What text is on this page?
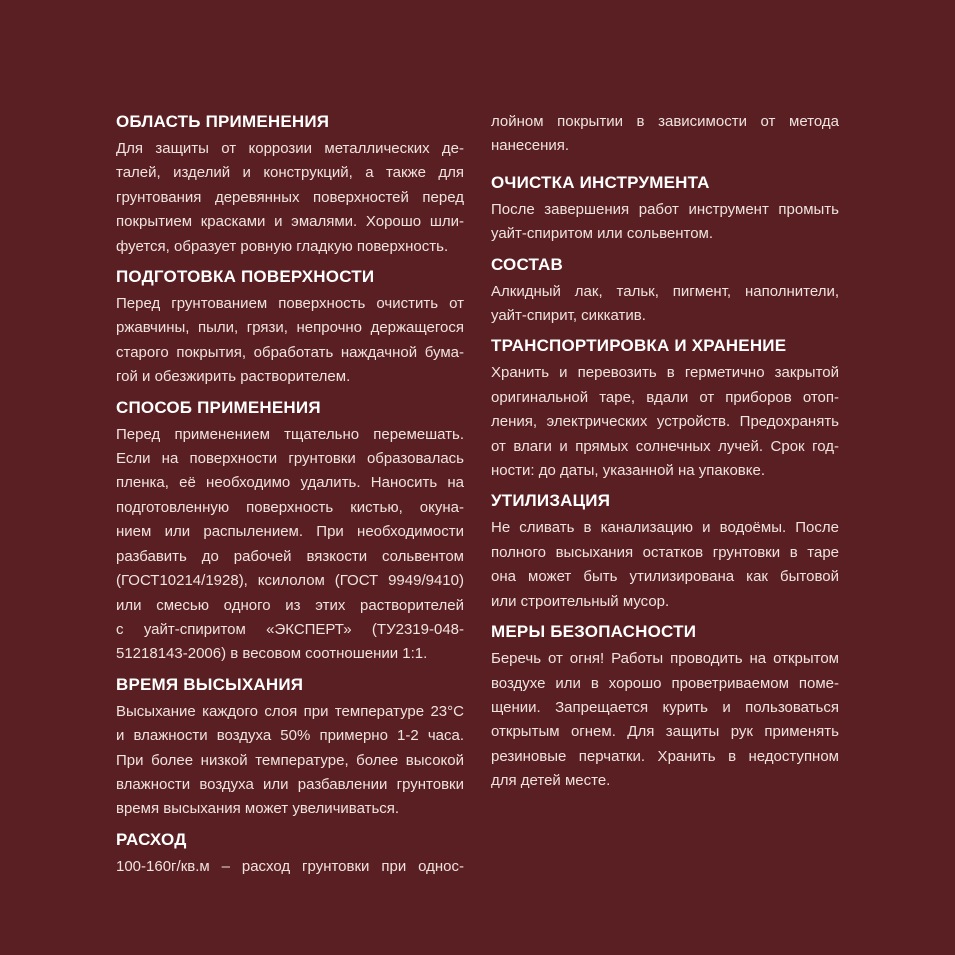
ОБЛАСТЬ ПРИМЕНЕНИЯ

Для защиты от коррозии металлических де-
талей, изделий и конструкций, а также для
грунтования деревянных поверхностей перед
покрытием красками и эмалями. Хорошо шли-
фуется, образует ровную гладкую поверхность.

ПОДГОТОВКА ПОВЕРХНОСТИ

Перед грунтованием поверхность очистить от
ржавчины, пыли, грязи, непрочно держащегося
старого покрытия, обработать наждачной бума-
гой и обезжирить растворителем.

СПОСОБ ПРИМЕНЕНИЯ

Перед применением тщательно перемешать.
Если на поверхности грунтовки образовалась
пленка, её необходимо удалить. Наносить на
подготовленную поверхность кистью, окуна-
нием или распылением. При необходимости
разбавить до рабочей вязкости сольвентом
(ГОСТ10214/1928), ксилолом (ГОСТ 9949/9410)
или смесью одного из этих растворителей
с уайт-спиритом «ЭКСПЕРТ» (ТУ2319-048-
51218143-2006) в весовом соотношении 1:1.

ВРЕМЯ ВЫСЫХАНИЯ

Высыхание каждого слоя при температуре 23°С
и влажности воздуха 50% примерно 1-2 часа.
При более низкой температуре, более высокой
влажности воздуха или разбавлении грунтовки
время высыхания может увеличиваться.

РАСХОД

100-160г/кв.м – расход грунтовки при однос-

лойном покрытии в зависимости от метода
нанесения.

ОЧИСТКА ИНСТРУМЕНТА

После завершения работ инструмент промыть
уайт-спиритом или сольвентом.

СОСТАВ

Алкидный лак, тальк, пигмент, наполнители,
уайт-спирит, сиккатив.

ТРАНСПОРТИРОВКА И ХРАНЕНИЕ

Хранить и перевозить в герметично закрытой
оригинальной таре, вдали от приборов отоп-
ления, электрических устройств. Предохранять
от влаги и прямых солнечных лучей. Срок год-
ности: до даты, указанной на упаковке.

УТИЛИЗАЦИЯ

Не сливать в канализацию и водоёмы. После
полного высыхания остатков грунтовки в таре
она может быть утилизирована как бытовой
или строительный мусор.

МЕРЫ БЕЗОПАСНОСТИ

Беречь от огня! Работы проводить на открытом
воздухе или в хорошо проветриваемом поме-
щении. Запрещается курить и пользоваться
открытым огнем. Для защиты рук применять
резиновые перчатки. Хранить в недоступном
для детей месте.
